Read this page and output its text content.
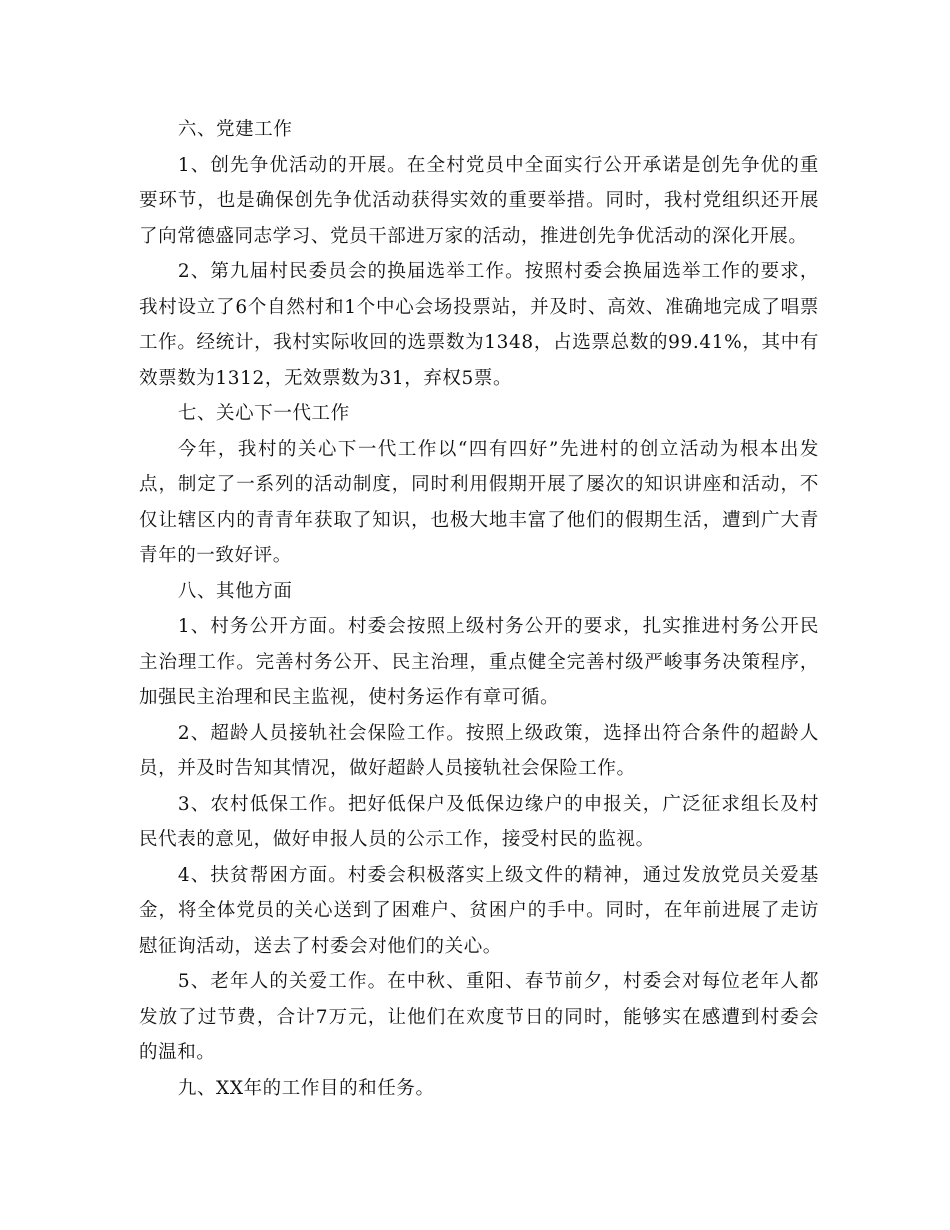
六、党建工作

1、创先争优活动的开展。在全村党员中全面实行公开承诺是创先争优的重要环节，也是确保创先争优活动获得实效的重要举措。同时，我村党组织还开展了向常德盛同志学习、党员干部进万家的活动，推进创先争优活动的深化开展。

2、第九届村民委员会的换届选举工作。按照村委会换届选举工作的要求，我村设立了6个自然村和1个中心会场投票站，并及时、高效、准确地完成了唱票工作。经统计，我村实际收回的选票数为1348，占选票总数的99.41%，其中有效票数为1312，无效票数为31，弃权5票。

七、关心下一代工作

今年，我村的关心下一代工作以“四有四好”先进村的创立活动为根本出发点，制定了一系列的活动制度，同时利用假期开展了屡次的知识讲座和活动，不仅让辖区内的青青年获取了知识，也极大地丰富了他们的假期生活，遭到广大青青年的一致好评。

八、其他方面

1、村务公开方面。村委会按照上级村务公开的要求，扎实推进村务公开民主治理工作。完善村务公开、民主治理，重点健全完善村级严峻事务决策程序，加强民主治理和民主监视，使村务运作有章可循。

2、超龄人员接轨社会保险工作。按照上级政策，选择出符合条件的超龄人员，并及时告知其情况，做好超龄人员接轨社会保险工作。

3、农村低保工作。把好低保户及低保边缘户的申报关，广泛征求组长及村民代表的意见，做好申报人员的公示工作，接受村民的监视。

4、扶贫帮困方面。村委会积极落实上级文件的精神，通过发放党员关爱基金，将全体党员的关心送到了困难户、贫困户的手中。同时，在年前进展了走访慰征询活动，送去了村委会对他们的关心。

5、老年人的关爱工作。在中秋、重阳、春节前夕，村委会对每位老年人都发放了过节费，合计7万元，让他们在欢度节日的同时，能够实在感遭到村委会的温和。

九、XX年的工作目的和任务。
